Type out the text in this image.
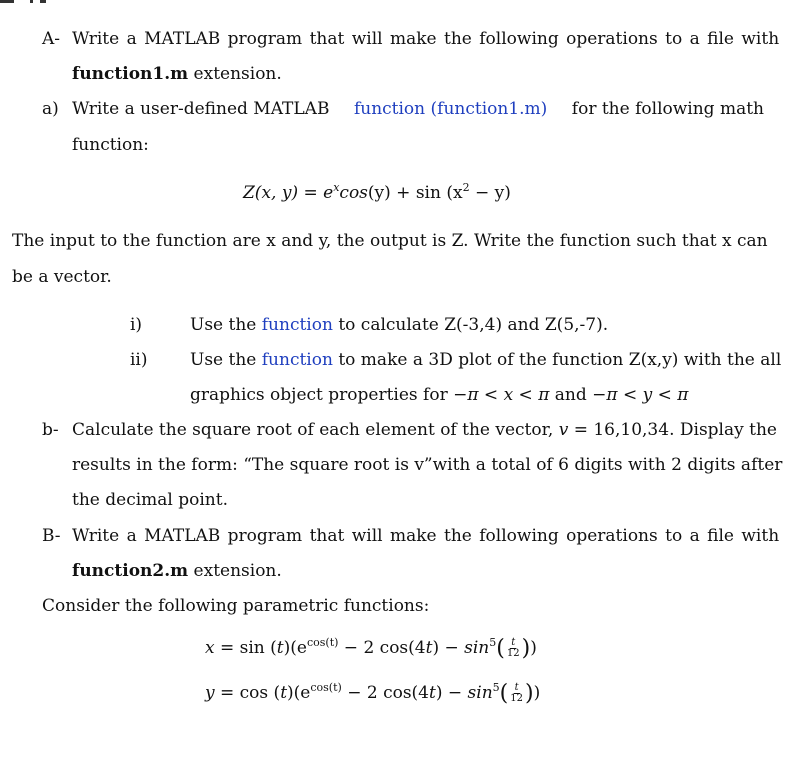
A- Write a MATLAB program that will make the following operations to a file with
function1.m extension.
a) Write a user-defined MATLAB function (function1.m) for the following math
function:
Z(x, $y) = e^x\cos(y) + \sin (x^2 - y)$
The input to the function are x and y, the output is Z. Write the function such that x can
be a vector.
i)	Use the function to calculate Z(-3,4) and Z(5,-7).
ii) Use the function to make a 3D plot of the function Z(x,y) with the all
graphics object properties for −π < x < π and −π < y < π
b- Calculate the square root of each element of the vector, v = 16,10,34. Display the
results in the form: “The square root is v”with a total of 6 digits with 2 digits after
the decimal point.
B- Write a MATLAB program that will make the following operations to a file with
function2.m extension.
Consider the following parametric functions:
$x = \sin (t)(e^{cos(t)} - 2$ $\cos(4t) - \sin^5( \frac{t}{12}$ ))
$y = \cos (t)(e^{cos(t)} - 2$ $\cos(4t) - \sin^5( \frac{t}{12}$ ))
